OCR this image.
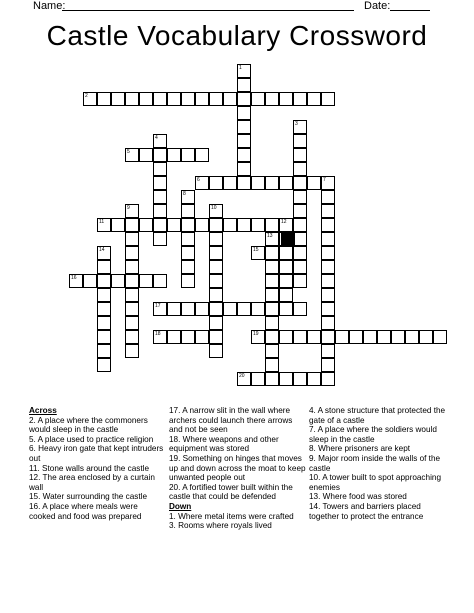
Name:	Date:
Castle Vocabulary Crossword
1
2
3
4
5
6	7
8
9	10
11	12
13
14	15
16
17
18	19
20
Across
2. A place where the commoners would sleep in the castle
5. A place used to practice religion
6. Heavy iron gate that kept intruders out
11. Stone walls around the castle
12. The area enclosed by a curtain wall
15. Water surrounding the castle
16. A place where meals were cooked and food was prepared
17. A narrow slit in the wall where archers could launch there arrows and not be seen
18. Where weapons and other equipment was stored
19. Something on hinges that moves up and down across the moat to keep unwanted people out
20. A fortified tower built within the castle that could be defended
Down
1. Where metal items were crafted
3. Rooms where royals lived
4. A stone structure that protected the gate of a castle
7. A place where the soldiers would sleep in the castle
8. Where prisoners are kept
9. Major room inside the walls of the castle
10. A tower built to spot approaching enemies
13. Where food was stored
14. Towers and barriers placed together to protect the entrance
